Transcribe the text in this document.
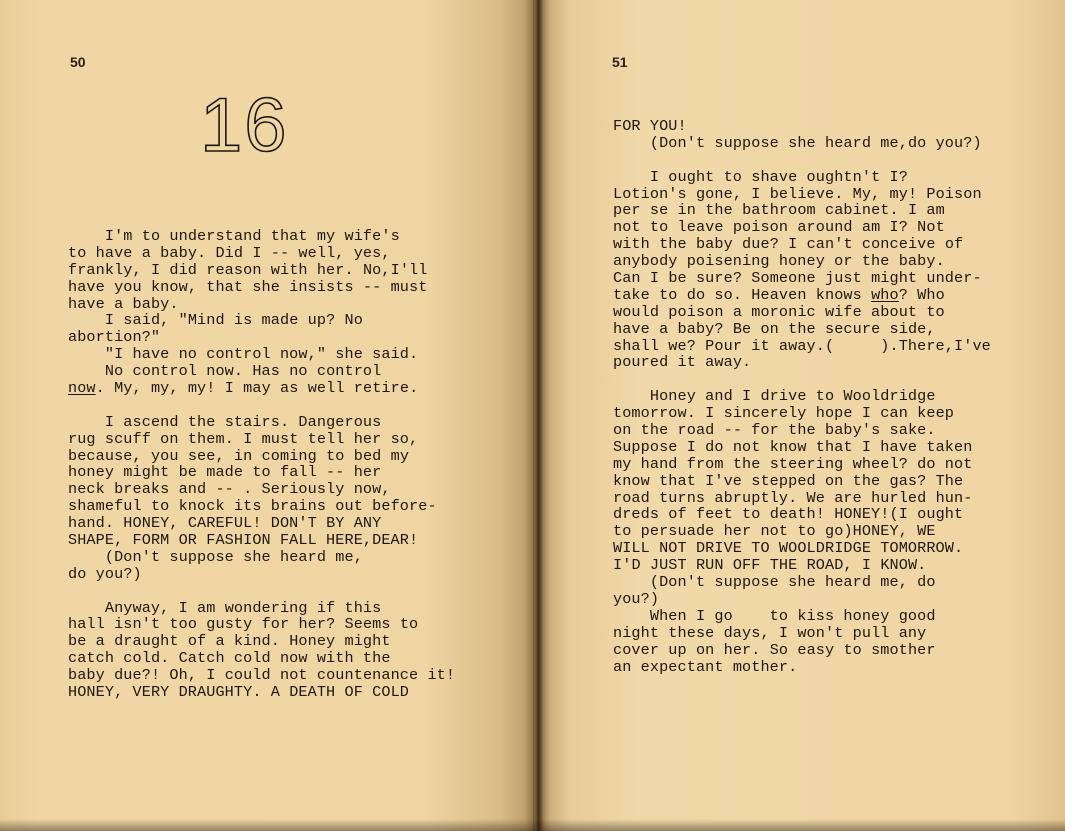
50
16
I'm to understand that my wife's
to have a baby. Did I -- well, yes,
frankly, I did reason with her. No,I'll
have you know, that she insists -- must
have a baby.
I said, "Mind is made up? No
abortion?"
"I have no control now," she said.
No control now. Has no control
now. My, my, my! I may as well retire.
I ascend the stairs. Dangerous
rug scuff on them. I must tell her so,
because, you see, in coming to bed my
honey might be made to fall -- her
neck breaks and -- . Seriously now,
shameful to knock its brains out before-
hand. HONEY, CAREFUL! DON'T BY ANY
SHAPE, FORM OR FASHION FALL HERE,DEAR!
(Don't suppose she heard me,
do you?)
Anyway, I am wondering if this
hall isn't too gusty for her? Seems to
be a draught of a kind. Honey might
catch cold. Catch cold now with the
baby due?! Oh, I could not countenance it!
HONEY, VERY DRAUGHTY. A DEATH OF COLD
51
FOR YOU!
(Don't suppose she heard me,do you?)
I ought to shave oughtn't I?
Lotion's gone, I believe. My, my! Poison
per se in the bathroom cabinet. I am
not to leave poison around am I? Not
with the baby due? I can't conceive of
anybody poisening honey or the baby.
Can I be sure? Someone just might under-
take to do so. Heaven knows who? Who
would poison a moronic wife about to
have a baby? Be on the secure side,
shall we? Pour it away.(     ).There,I've
poured it away.
Honey and I drive to Wooldridge
tomorrow. I sincerely hope I can keep
on the road -- for the baby's sake.
Suppose I do not know that I have taken
my hand from the steering wheel? do not
know that I've stepped on the gas? The
road turns abruptly. We are hurled hun-
dreds of feet to death! HONEY!(I ought
to persuade her not to go)HONEY, WE
WILL NOT DRIVE TO WOOLDRIDGE TOMORROW.
I'D JUST RUN OFF THE ROAD, I KNOW.
(Don't suppose she heard me, do
you?)
When I go to kiss honey good
night these days, I won't pull any
cover up on her. So easy to smother
an expectant mother.
